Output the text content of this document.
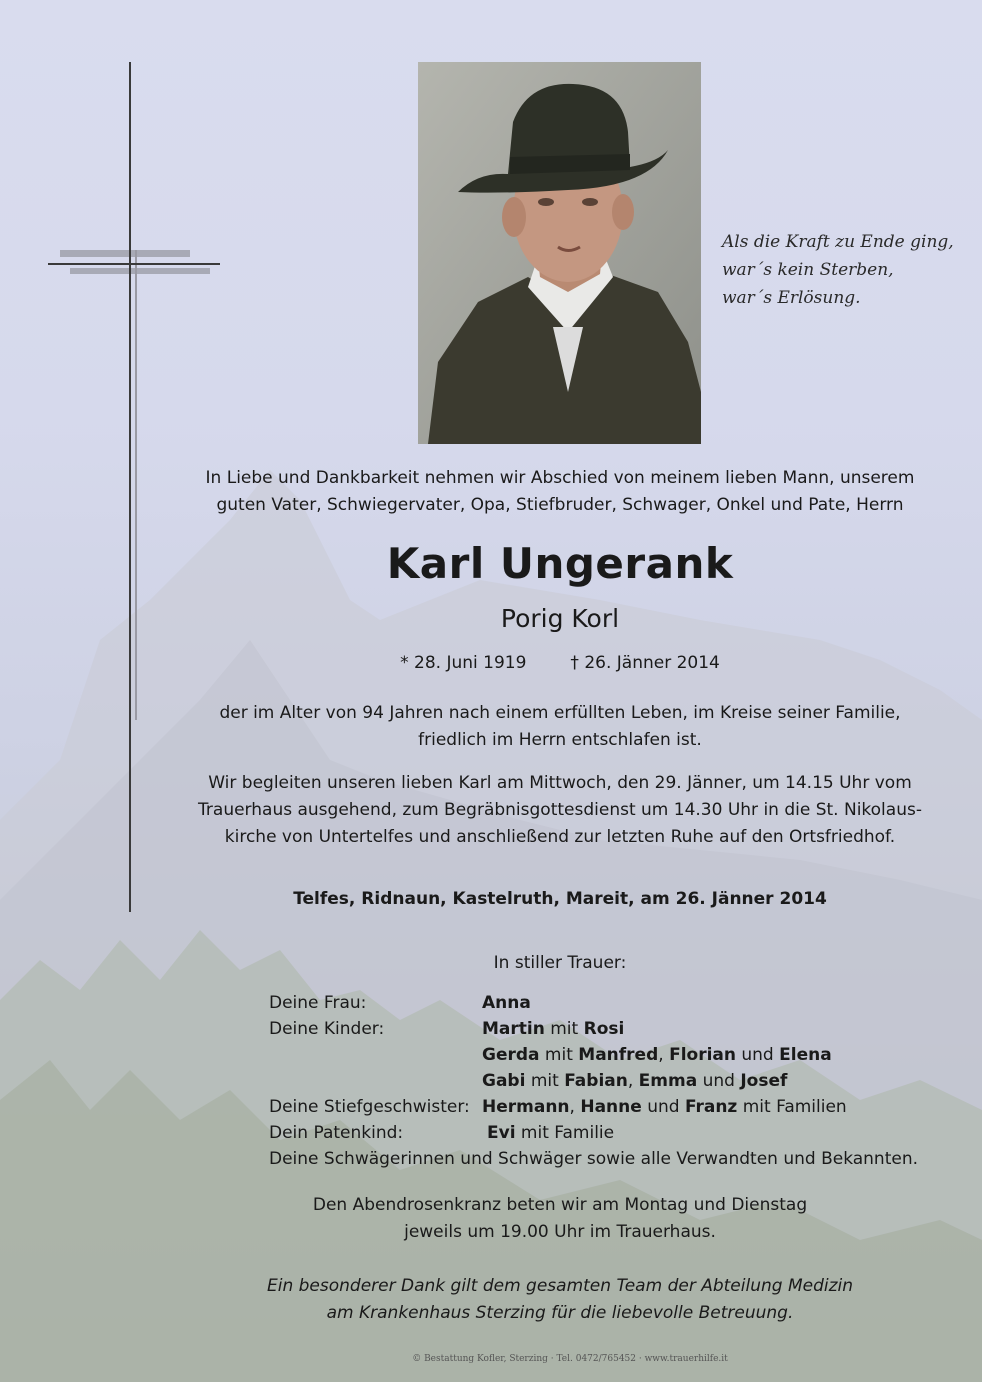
Als die Kraft zu Ende ging,
war´s kein Sterben,
war´s Erlösung.
In Liebe und Dankbarkeit nehmen wir Abschied von meinem lieben Mann, unserem
guten Vater, Schwiegervater, Opa, Stiefbruder, Schwager, Onkel und Pate, Herrn
Karl Ungerank
Porig Korl
* 28. Juni 1919	† 26. Jänner 2014
der im Alter von 94 Jahren nach einem erfüllten Leben, im Kreise seiner Familie,
friedlich im Herrn entschlafen ist.
Wir begleiten unseren lieben Karl am Mittwoch, den 29. Jänner, um 14.15 Uhr vom
Trauerhaus ausgehend, zum Begräbnisgottesdienst um 14.30 Uhr in die St. Nikolaus-
kirche von Untertelfes und anschließend zur letzten Ruhe auf den Ortsfriedhof.
Telfes, Ridnaun, Kastelruth, Mareit, am 26. Jänner 2014
In stiller Trauer:
Deine Frau:	Anna
Deine Kinder:	Martin mit Rosi
Gerda mit Manfred, Florian und Elena
Gabi mit Fabian, Emma und Josef
Deine Stiefgeschwister: Hermann, Hanne und Franz mit Familien
Dein Patenkind:	Evi mit Familie
Deine Schwägerinnen und Schwäger sowie alle Verwandten und Bekannten.
Den Abendrosenkranz beten wir am Montag und Dienstag
jeweils um 19.00 Uhr im Trauerhaus.
Ein besonderer Dank gilt dem gesamten Team der Abteilung Medizin
am Krankenhaus Sterzing für die liebevolle Betreuung.
© Bestattung Kofler, Sterzing · Tel. 0472/765452 · www.trauerhilfe.it
